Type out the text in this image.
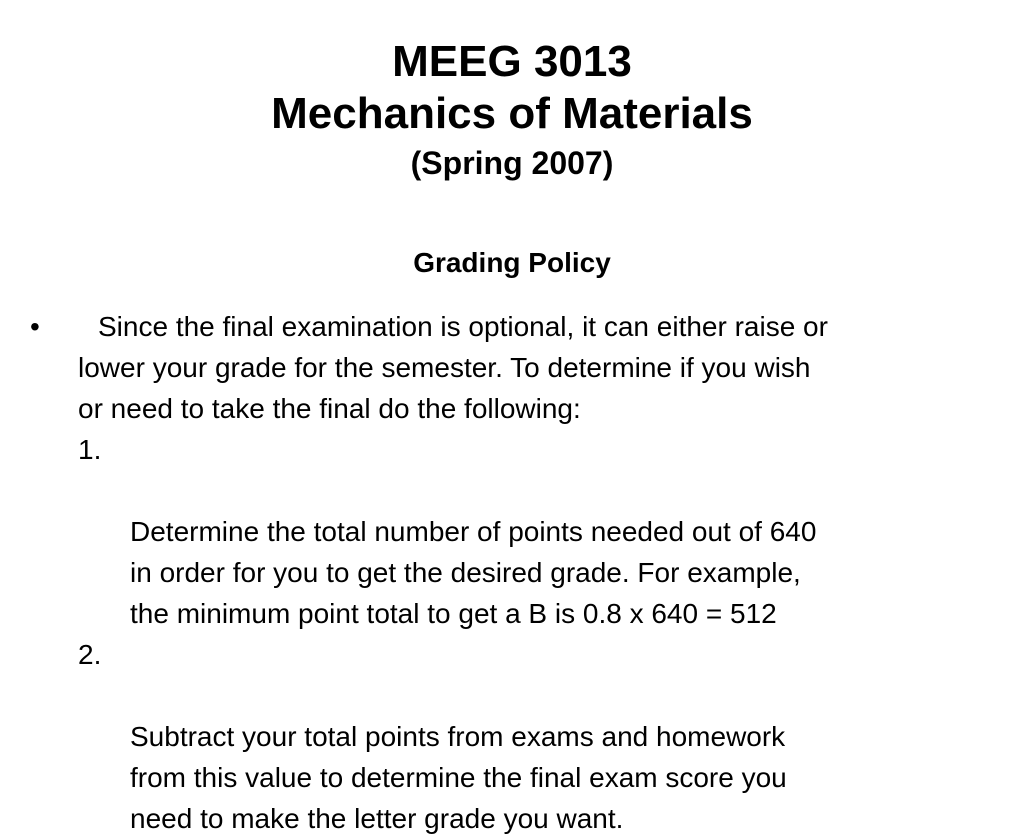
MEEG 3013
Mechanics of Materials
(Spring 2007)
Grading Policy
•	Since the final examination is optional, it can either raise or
lower your grade for the semester. To determine if you wish
or need to take the final do the following:

1.

Determine the total number of points needed out of 640
in order for you to get the desired grade. For example,
the minimum point total to get a B is 0.8 x 640 = 512

2.

Subtract your total points from exams and homework
from this value to determine the final exam score you
need to make the letter grade you want.
